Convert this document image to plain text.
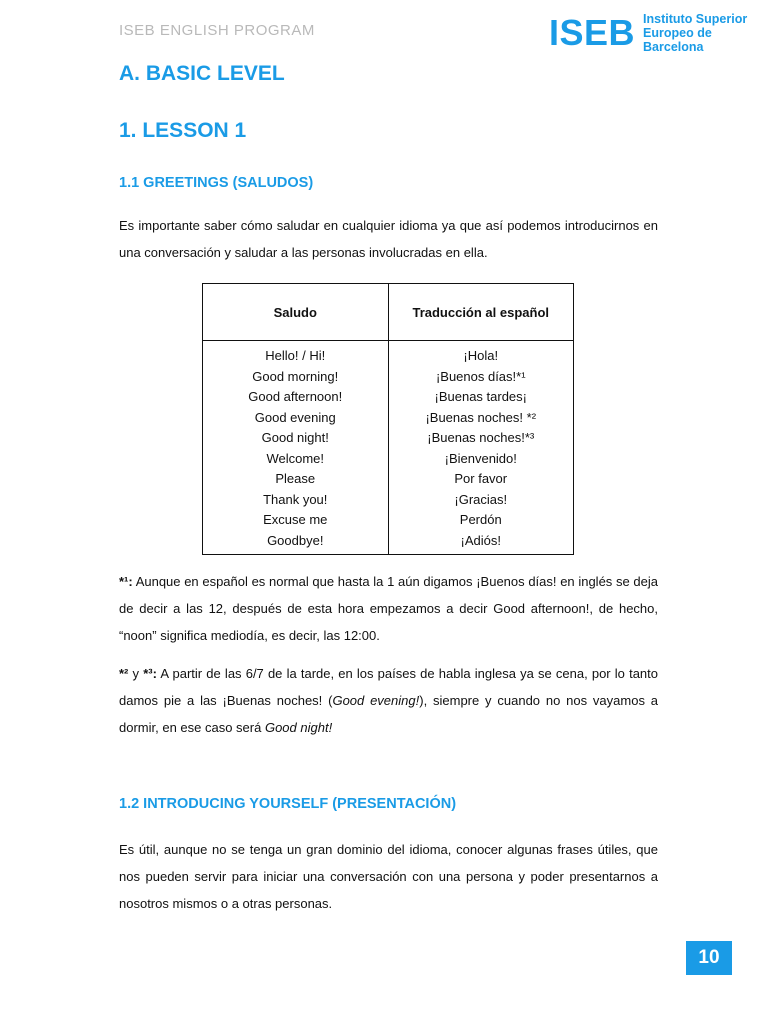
ISEB ENGLISH PROGRAM	ISEB Instituto Superior
Europeo de Barcelona
A. BASIC LEVEL
1. LESSON 1
1.1 GREETINGS (SALUDOS)
Es importante saber cómo saludar en cualquier idioma ya que así podemos introducirnos en una conversación y saludar a las personas involucradas en ella.
Saludo	Traducción al español
Hello! / Hi!	¡Hola!
Good morning!	¡Buenos días!*¹
Good afternoon!	¡Buenas tardes¡
Good evening	¡Buenas noches! *²
Good night!	¡Buenas noches!*³
Welcome!	¡Bienvenido!
Please	Por favor
Thank you!	¡Gracias!
Excuse me	Perdón
Goodbye!	¡Adiós!
*¹: Aunque en español es normal que hasta la 1 aún digamos ¡Buenos días! en inglés se deja de decir a las 12, después de esta hora empezamos a decir Good afternoon!, de hecho, “noon” significa mediodía, es decir, las 12:00.
*² y *³: A partir de las 6/7 de la tarde, en los países de habla inglesa ya se cena, por lo tanto damos pie a las ¡Buenas noches! (Good evening!), siempre y cuando no nos vayamos a dormir, en ese caso será Good night!
1.2 INTRODUCING YOURSELF (PRESENTACIÓN)
Es útil, aunque no se tenga un gran dominio del idioma, conocer algunas frases útiles, que nos pueden servir para iniciar una conversación con una persona y poder presentarnos a nosotros mismos o a otras personas.
10
